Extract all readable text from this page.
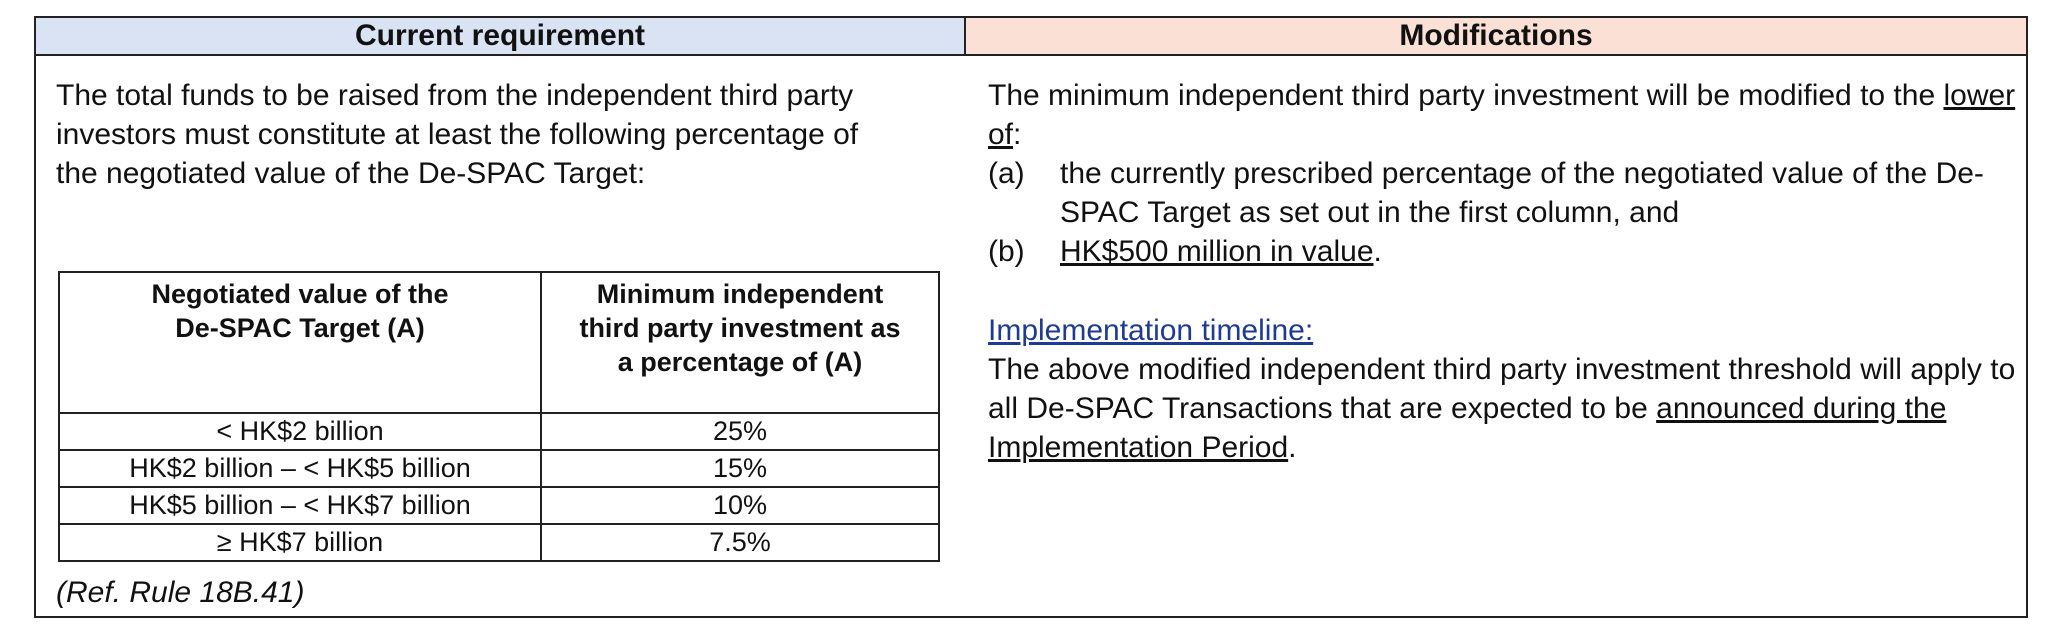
Current requirement	Modifications

The total funds to be raised from the independent third party investors must constitute at least the following percentage of the negotiated value of the De-SPAC Target:

Negotiated value of the De-SPAC Target (A)	Minimum independent third party investment as a percentage of (A)

< HK$2 billion	25%
HK$2 billion – < HK$5 billion	15%
HK$5 billion – < HK$7 billion	10%
≥ HK$7 billion	7.5%
(Ref. Rule 18B.41)

The minimum independent third party investment will be modified to the lower of:

(a)	the currently prescribed percentage of the negotiated value of the De-SPAC Target as set out in the first column, and
(b)	HK$500 million in value.
Implementation timeline:

The above modified independent third party investment threshold will apply to all De-SPAC Transactions that are expected to be announced during the Implementation Period.
